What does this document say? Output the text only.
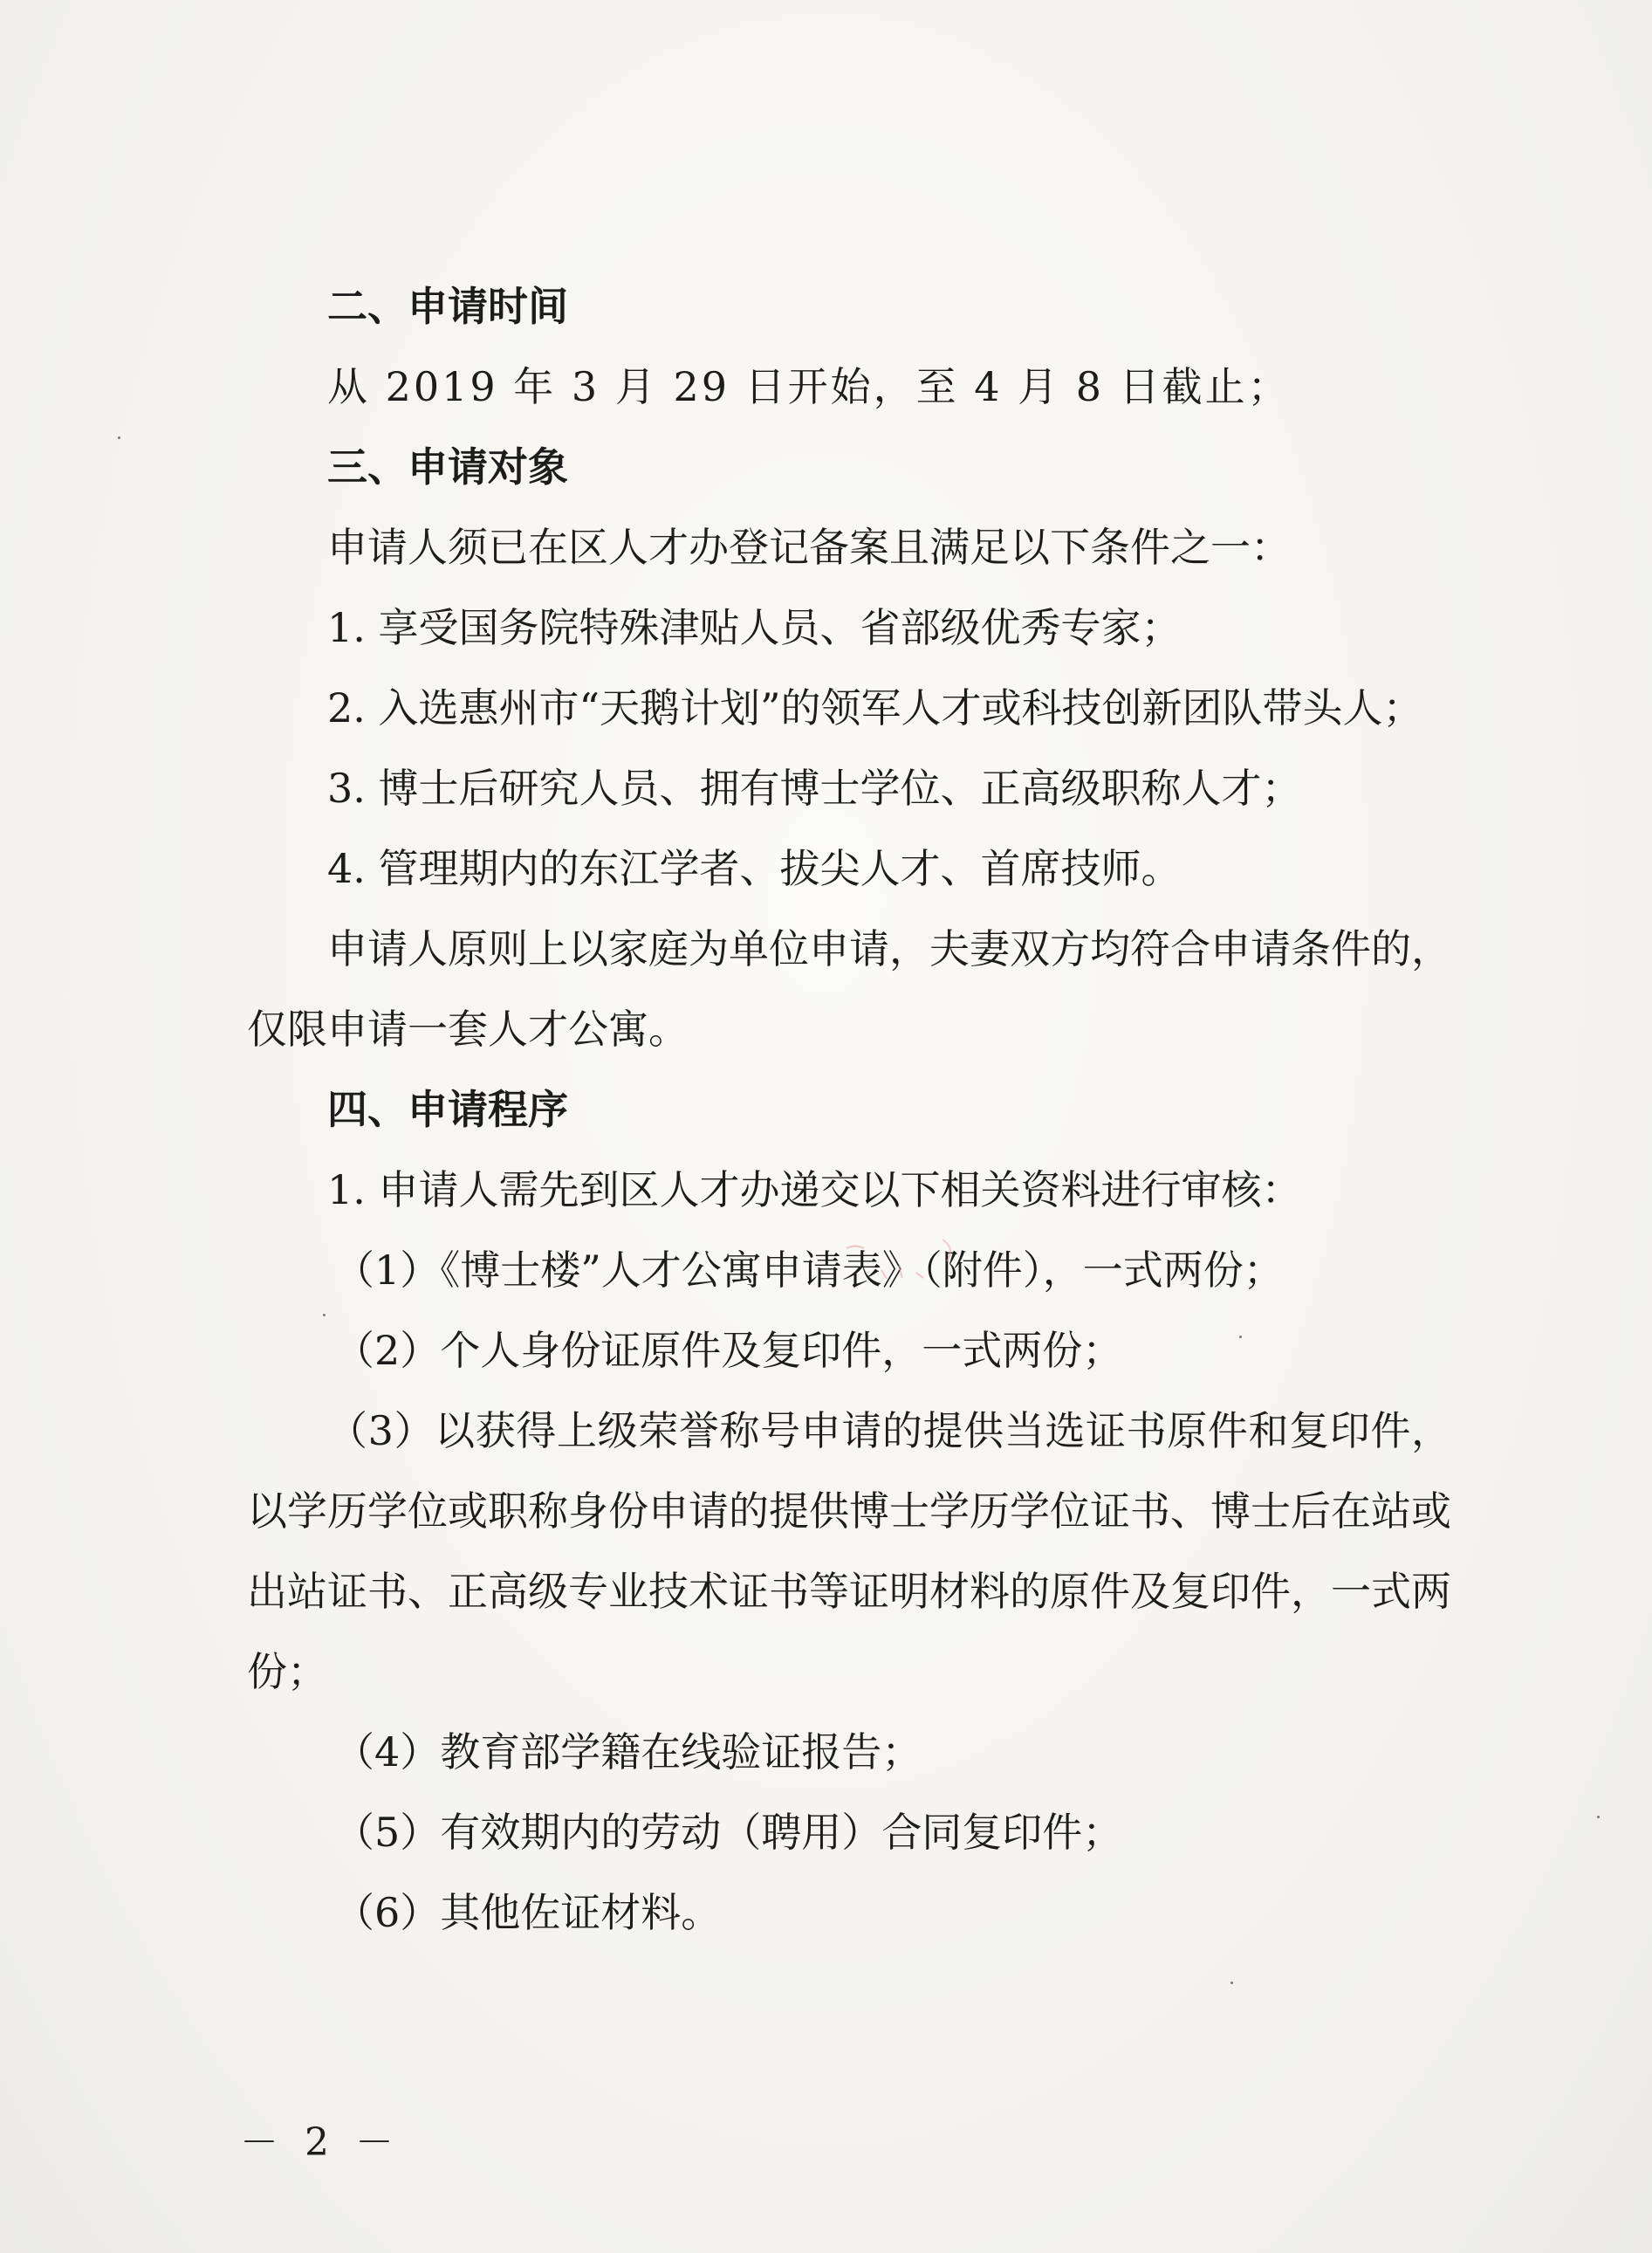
二、申请时间
从 2019 年 3 月 29 日开始，至 4 月 8 日截止；
三、申请对象
申请人须已在区人才办登记备案且满足以下条件之一：
1. 享受国务院特殊津贴人员、省部级优秀专家；
2. 入选惠州市“天鹅计划”的领军人才或科技创新团队带头人；
3. 博士后研究人员、拥有博士学位、正高级职称人才；
4. 管理期内的东江学者、拔尖人才、首席技师。
申请人原则上以家庭为单位申请，夫妻双方均符合申请条件的，仅限申请一套人才公寓。
四、申请程序
1. 申请人需先到区人才办递交以下相关资料进行审核：
（1）《博士楼”人才公寓申请表》（附件），一式两份；
（2）个人身份证原件及复印件，一式两份；
（3）以获得上级荣誉称号申请的提供当选证书原件和复印件，以学历学位或职称身份申请的提供博士学历学位证书、博士后在站或出站证书、正高级专业技术证书等证明材料的原件及复印件，一式两份；
（4）教育部学籍在线验证报告；
（5）有效期内的劳动（聘用）合同复印件；
（6）其他佐证材料。
－ 2 －
